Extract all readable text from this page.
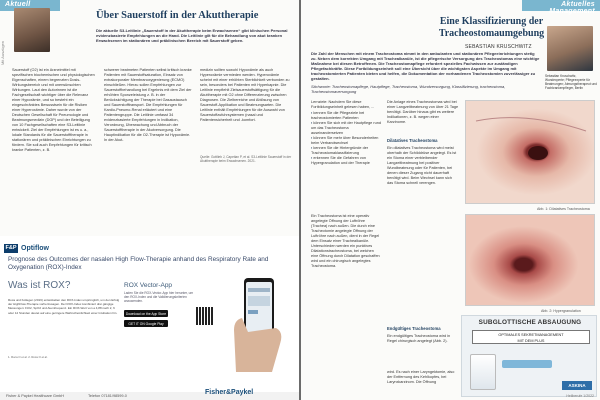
Aktuell
Mit Auszügen
Über Sauerstoff in der Akuttherapie
Die aktuelle S3-Leitlinie „Sauerstoff in der Akuttherapie beim Erwachsenen“ gibt klinischen Personal evidenzbasierte Empfehlungen an die Hand. Die Leitlinie gilt für die Behandlung von akut kranken Erwachsenen im stationären und präklinischen Bereich mit Sauerstoff geben.
Sauerstoff (O2) ist ein Arzneimittel mit spezifischen biochemischen und physiologischen Eigenschaften, einem begrenzten Dosis-Wirkungsbereich und mit unerwünschten Wirkungen. Laut den Autorinnen ist die Fachgesellschaft wichtiger über die Relevanz einer Hypoxämie, und so besteht ein eingeschränktes Bewusstsein für die Risiken einer Hyperoxämie. Daher wurde von der Deutschen Gesellschaft für Pneumologie und Beatmungsmedizin (DGP) und der Beteiligung von 10 Fachgesellschaften eine S3-Leitlinie entwickelt. Ziel der Empfehlungen ist es u. a., lokale Standards für die Sauerstofftherapie in stationären und präklinischen Einrichtungen zu fördern. Sie soll auch Empfehlungen für kritisch kranke Patienten, z. B.
schwerer beatmeten Patienten selbst kritisch kranke Patienten mit Sauerstoffsaturation, Einsatz von extrakorporaler Membranoxygenierung (ECMO) einschließen. Hierzu sollen Empfehlungen zur Sauerstoffbehandlung bei Ergebnis mit dem Ziel der erhöhten Sponzeleistung z. B. in der Berücksichtigung der Therapie bei Gasaustausch und Sauerstofftransport. Die Empfehlungen für Kardio-Pneumo-Renal erläutert und eine Patientengruppe. Die Leitlinie umfasst 34 evidenzbasierte Empfehlungen in Indikation, Verordnung, Überwachung und Abbruch der Sauerstofftherapie in der Akutversorgung. Die Hauptindikation für die O2-Therapie ist Hypoxämie. In der Akut-
medizin sollten sowohl Hypoxämie als auch Hyperoxämie vermieden werden. Hyperoxämie scheint mit einer erhöhten Sterblichkeit verbunden zu sein, besonders bei Patienten mit Hyperkapnie. Die Leitlinie empfiehlt Zielsauerstoffsättigung für die Akuttherapie mit O2 ohne Differenzierung zwischen Diagnosen. Die Zielbereiche und Ablösung von Sauerstoff-Applikation und Beatmungsarten. Die Leitlinie enthält Empfehlungen für die Auswahl von Sauerstoffzufuhrsystemen (nasal und Patientensicherheit und -komfort.
Quelle: Gottlieb J, Capetian P, et al. S3-Leitlinie Sauerstoff in der Akuttherapie beim Erwachsenen. 2021.
F&P Optiflow
Prognose des Outcomes der nasalen High Flow-Therapie anhand des Respiratory Rate and Oxygenation (ROX)-Index
Was ist ROX?
Roca und Kollegen (2016) entwickelten den ROX-Index ursprünglich, um den Erfolg der HighFlow-Therapie vorherzusagen. Der ROX-Index kombiniert drei gängige Messungen: FiO2, SpO2 und Atemfrequenz. Ein ROX-Wert von ≥ 4,88 nach 2, 6 oder 12 Stunden deutet auf eine geringere Wahrscheinlichkeit einer Intubation hin.
ROX Vector-App
Laden Sie die ROX-Vector-App hier herunter, um den ROX-Index und die Validierungskriterien anzuwenden.
Download on the App Store
GET IT ON Google Play
1. Roca O et al. 2. Roca O et al.
Fisher & Paykel Healthcare GmbH	Telefon 07181/98599-0	Fisher&Paykel
Aktuelles Management
Eine Klassifizierung der Tracheostomaumgebung
SEBASTIAN KRUSCHWITZ
Die Zahl der Menschen mit einem Tracheostoma nimmt in den ambulanten und stationären Pflegeeinrichtungen stetig zu. Neben dem korrekten Umgang mit Trachealkanüle, ist die pflegerische Versorgung des Tracheostomas eine wichtige Maßnahme bei diesen Betroffenen. Die Tracheostomapflege erfordert spezielles Fachwissen zur zuständigen Pflegefachkräfte. Diese Fortbildungseinheit soll eine Übersicht über die wichtigsten Aspekte im Umgang mit tracheostomierten Patienten bieten und helfen, die Dokumentation der vorhandenen Tracheostomien zuverlässiger zu gestalten.
Stichworte: Tracheostomapflege, Hautpflege, Tracheostoma, Wundversorgung, Klassifizierung, tracheostoma, Tracheostomaversorgung
Sebastian Kruschwitz, Wundexperte; Pflegeexperte für Beatmungen; Atmungstherapeut und Fachkrankenpfleger, Berlin
Lernziele: Nachdem Sie diese Fortbildungseinheit gelesen haben, ...
▪ kennen Sie die Pflegeziele bei tracheostomierten Patienten
▪ können Sie sich mit der Hautpflege rund um das Tracheostoma auseinandersetzen
▪ können Sie mehr über Besonderheiten beim Verbandwechsel
▪ kennen Sie die Hintergründe der Tracheostomaklassifizierung
▪ erkennen Sie die Gefahren von Hypergranulation und der Therapie
Ein Tracheostoma ist eine operativ angelegte Öffnung der Luftröhre (Trachea) nach außen. Die durch eine Tracheotomie angelegte Öffnung der Luftröhre nach außen, dient in der Regel dem Einsatz einer Trachealkanüle. Unterschieden werden ein punktives Dilatationstracheostoma, bei welchen eine Öffnung durch Dilatation geschaffen wird und ein chirurgisch angelegtes Tracheostoma.
Die Anlage eines Tracheostomas wird bei einer Langzeitbeatmung von über 21 Tage benötigt. Darüber hinaus gibt es weitere Indikationen, z. B. wegen einer Karzinome.
Dilatatives Tracheostoma
Ein dilatatives Tracheostoma wird meist oberhalb der Schilddrüse angelegt. Es ist ein Stoma einer verbleibender Langzeitbeatmung bei positiver Wundbeatmung oder für Patienten, bei denen dieser Zugang nicht dauerhaft benötigt wird. Beim Wechsel kann sich das Stoma schnell verengen.
Endgültiges Tracheostoma
Ein endgültiges Tracheostoma wird in Regel chirurgisch angelegt (Abb. 2).
Abb. 1: Dilatatives Tracheostoma
Abb. 2: Hypergranulation
wird. Es nach einer Laryngektomie, also der Entfernung des Kehlkopfes, bei Larynxkarzinom. Die Öffnung
SUBGLOTTISCHE ABSAUGUNG
OPTIMALES SEKRETMANAGEMENT
MIT DEM PLUS
ASKINA
Heilberufe 1/2022
